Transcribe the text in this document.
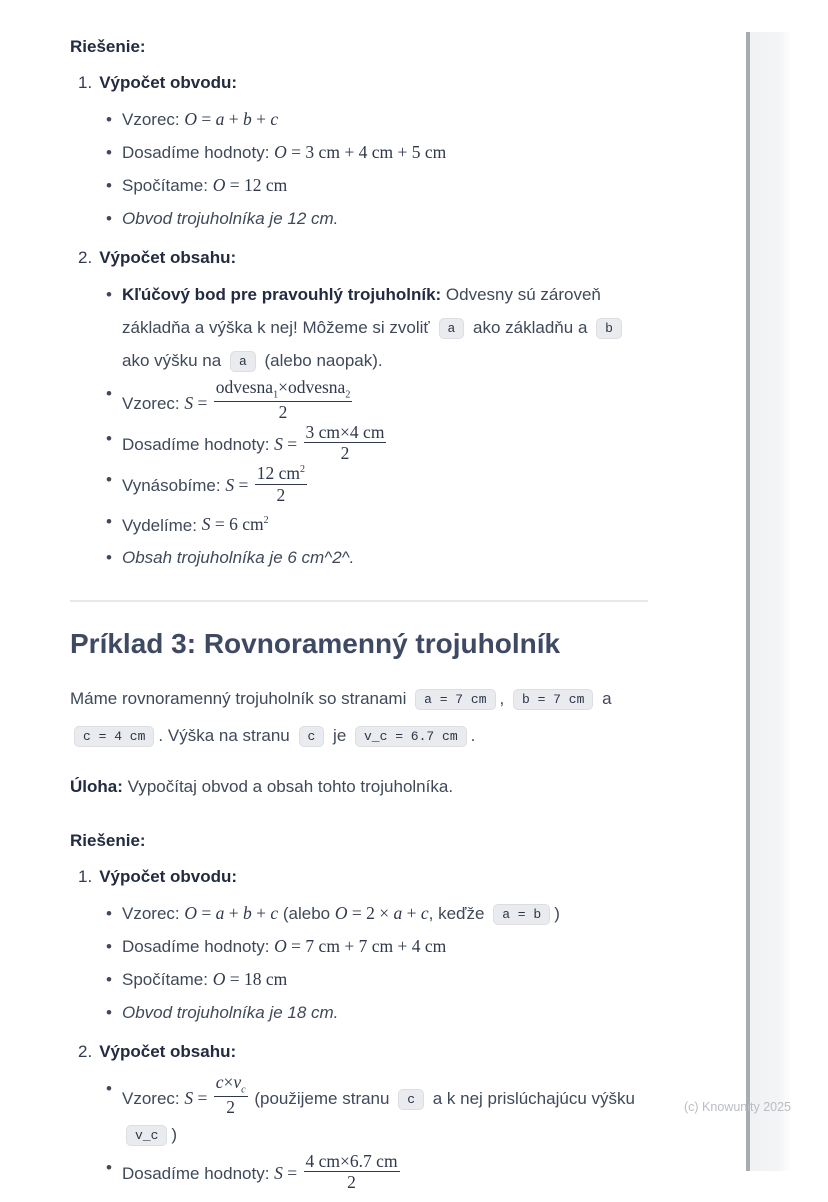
Riešenie:

1. Výpočet obvodu:
• Vzorec: O = a + b + c
• Dosadíme hodnoty: O = 3 cm + 4 cm + 5 cm
• Spočítame: O = 12 cm
• Obvod trojuholníka je 12 cm.
2. Výpočet obsahu:
• Kľúčový bod pre pravouhlý trojuholník: Odvesny sú zároveň základňa a výška k nej! Môžeme si zvoliť a ako základňu a b ako výšku na a (alebo naopak).
• Vzorec: $S = \frac{odvesna_1\times odvesna_2}{2}$
• Dosadíme hodnoty: $S = \frac{3 cm\times 4 cm}{2}$
• Vynásobíme: $S = \frac{12 cm^2}{2}$
• Vydelíme: S = 6 $cm^2$
• Obsah trojuholníka je 6 cm^2^.
Príklad 3: Rovnoramenný trojuholník

Máme rovnoramenný trojuholník so stranami a = 7 cm , b = 7 cm a c = 4 cm . Výška na stranu c je v_c = 6.7 cm .

Úloha: Vypočítaj obvod a obsah tohto trojuholníka.

Riešenie:

1. Výpočet obvodu:
• Vzorec: O = a + b + c (alebo O = 2 × a + c, keďže a = b )
• Dosadíme hodnoty: O = 7 cm + 7 cm + 4 cm
• Spočítame: O = 18 cm
• Obvod trojuholníka je 18 cm.
2. Výpočet obsahu:
• Vzorec: $S = \frac{c\times v_c}{2}$ (použijeme stranu c a k nej prislúchajúcu výšku v_c )
• Dosadíme hodnoty: $S = \frac{4 cm\times 6.7 cm}{2}$
(c) Knowunity 2025
